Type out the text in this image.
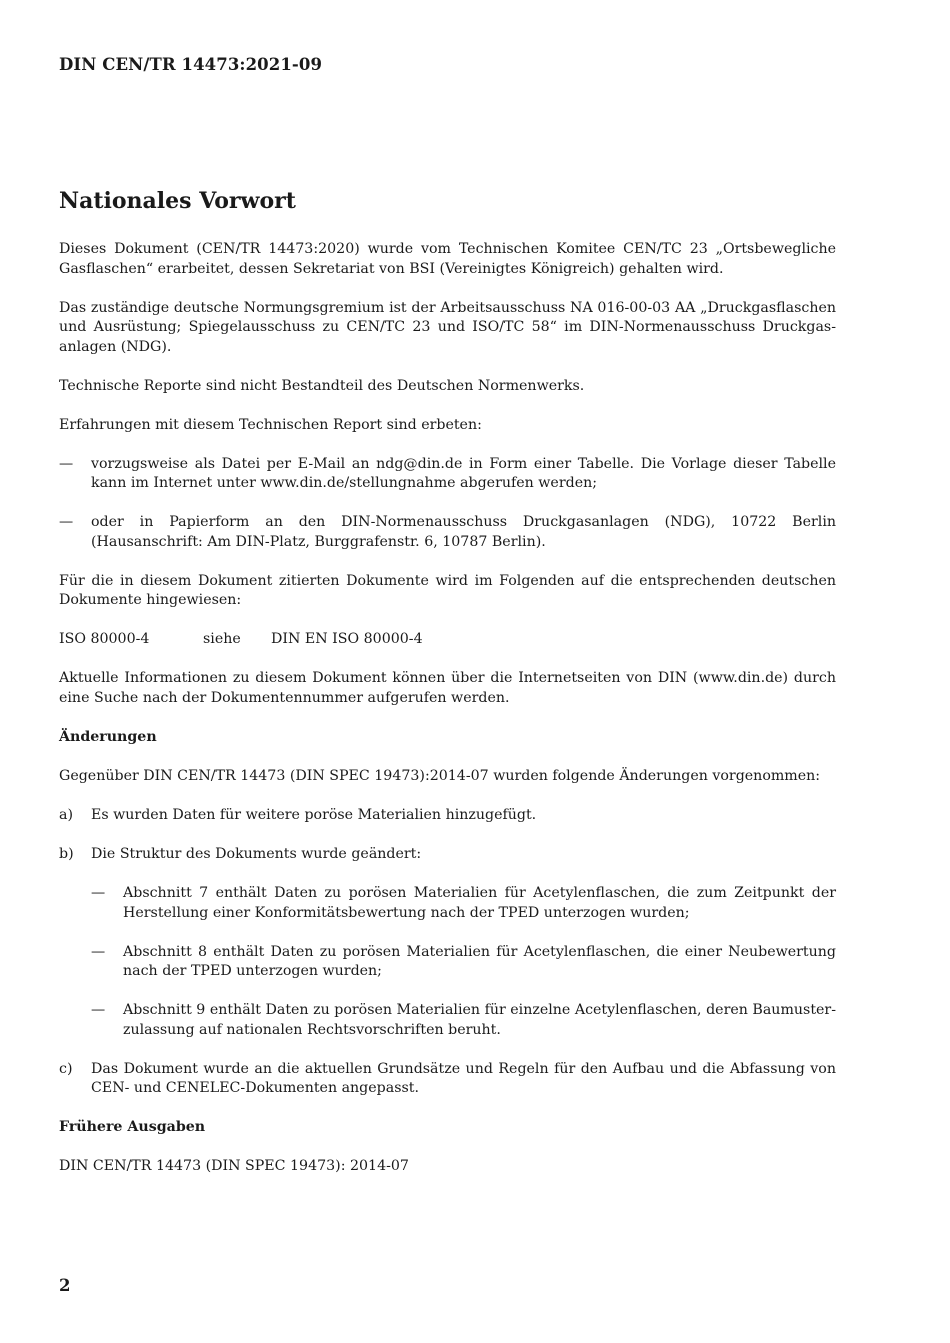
DIN CEN/TR 14473:2021-09
Nationales Vorwort

Dieses Dokument (CEN/TR 14473:2020) wurde vom Technischen Komitee CEN/TC 23 „Ortsbewegliche Gasflaschen“ erarbeitet, dessen Sekretariat von BSI (Vereinigtes Königreich) gehalten wird.

Das zuständige deutsche Normungsgremium ist der Arbeitsausschuss NA 016-00-03 AA „Druckgasflaschen und Ausrüstung; Spiegelausschuss zu CEN/TC 23 und ISO/TC 58“ im DIN-Normenausschuss Druckgas-anlagen (NDG).

Technische Reporte sind nicht Bestandteil des Deutschen Normenwerks.

Erfahrungen mit diesem Technischen Report sind erbeten:

— vorzugsweise als Datei per E-Mail an ndg@din.de in Form einer Tabelle. Die Vorlage dieser Tabelle kann im Internet unter www.din.de/stellungnahme abgerufen werden;
— oder in Papierform an den DIN-Normenausschuss Druckgasanlagen (NDG), 10722 Berlin (Hausanschrift: Am DIN-Platz, Burggrafenstr. 6, 10787 Berlin).

Für die in diesem Dokument zitierten Dokumente wird im Folgenden auf die entsprechenden deutschen Dokumente hingewiesen:

ISO 80000-4	siehe	DIN EN ISO 80000-4

Aktuelle Informationen zu diesem Dokument können über die Internetseiten von DIN (www.din.de) durch eine Suche nach der Dokumentennummer aufgerufen werden.

Änderungen

Gegenüber DIN CEN/TR 14473 (DIN SPEC 19473):2014-07 wurden folgende Änderungen vorgenommen:

a) Es wurden Daten für weitere poröse Materialien hinzugefügt.
b) Die Struktur des Dokuments wurde geändert:
— Abschnitt 7 enthält Daten zu porösen Materialien für Acetylenflaschen, die zum Zeitpunkt der Herstellung einer Konformitätsbewertung nach der TPED unterzogen wurden;
— Abschnitt 8 enthält Daten zu porösen Materialien für Acetylenflaschen, die einer Neubewertung nach der TPED unterzogen wurden;
— Abschnitt 9 enthält Daten zu porösen Materialien für einzelne Acetylenflaschen, deren Baumuster-zulassung auf nationalen Rechtsvorschriften beruht.
c) Das Dokument wurde an die aktuellen Grundsätze und Regeln für den Aufbau und die Abfassung von CEN- und CENELEC-Dokumenten angepasst.
Frühere Ausgaben

DIN CEN/TR 14473 (DIN SPEC 19473): 2014-07

2
